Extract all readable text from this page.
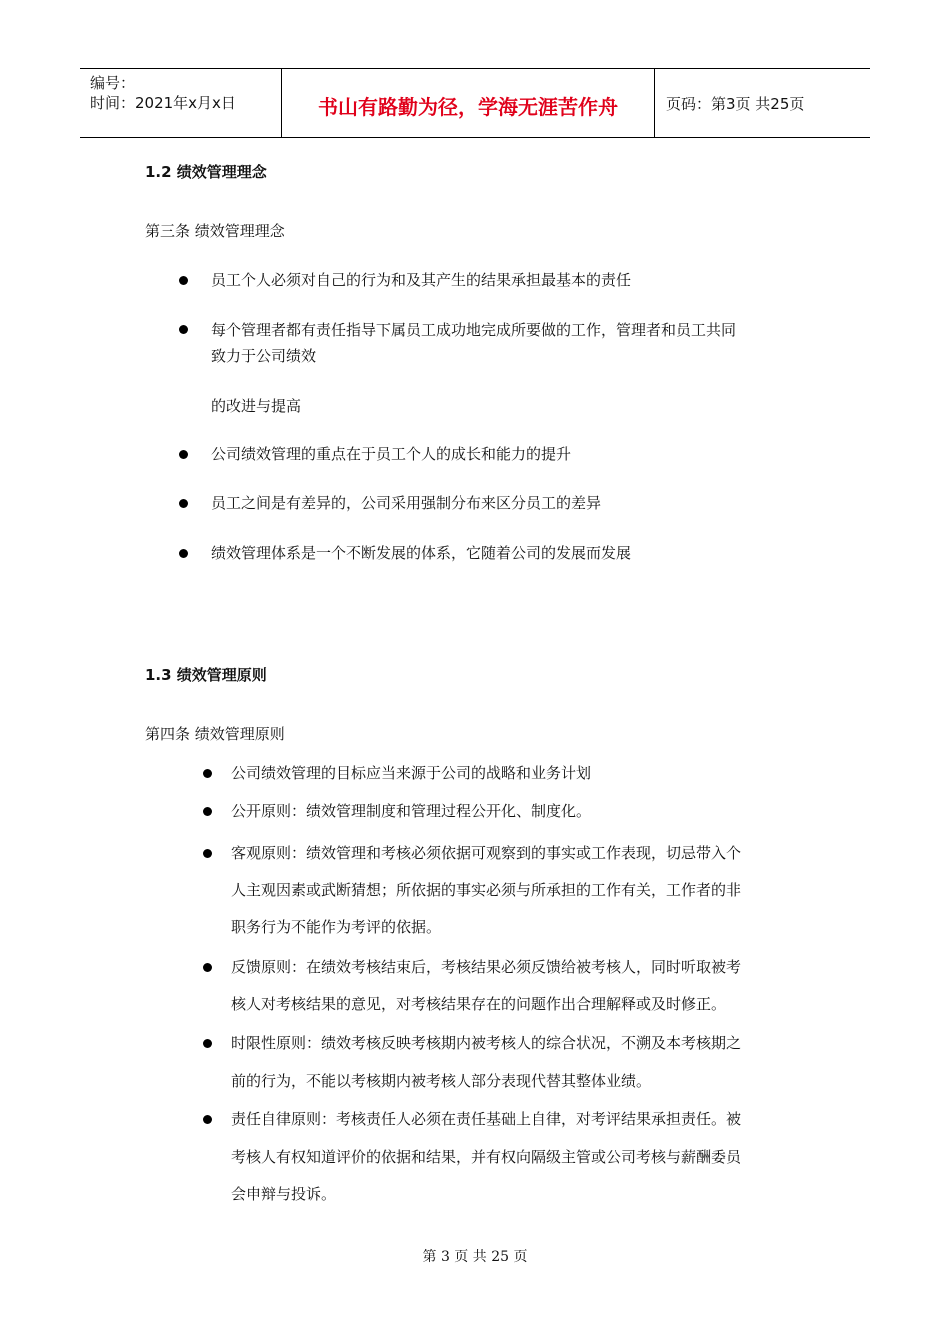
编号：
时间：2021年x月x日	书山有路勤为径，学海无涯苦作舟	页码：第3页 共25页
1.2 绩效管理理念
第三条 绩效管理理念
员工个人必须对自己的行为和及其产生的结果承担最基本的责任
每个管理者都有责任指导下属员工成功地完成所要做的工作，管理者和员工共同
致力于公司绩效
的改进与提高
公司绩效管理的重点在于员工个人的成长和能力的提升
员工之间是有差异的，公司采用强制分布来区分员工的差异
绩效管理体系是一个不断发展的体系，它随着公司的发展而发展
1.3 绩效管理原则
第四条 绩效管理原则
公司绩效管理的目标应当来源于公司的战略和业务计划
公开原则：绩效管理制度和管理过程公开化、制度化。
客观原则：绩效管理和考核必须依据可观察到的事实或工作表现，切忌带入个
人主观因素或武断猜想；所依据的事实必须与所承担的工作有关，工作者的非
职务行为不能作为考评的依据。
反馈原则：在绩效考核结束后，考核结果必须反馈给被考核人，同时听取被考
核人对考核结果的意见，对考核结果存在的问题作出合理解释或及时修正。
时限性原则：绩效考核反映考核期内被考核人的综合状况，不溯及本考核期之
前的行为，不能以考核期内被考核人部分表现代替其整体业绩。
责任自律原则：考核责任人必须在责任基础上自律，对考评结果承担责任。被
考核人有权知道评价的依据和结果，并有权向隔级主管或公司考核与薪酬委员
会申辩与投诉。
第 3 页 共 25 页
